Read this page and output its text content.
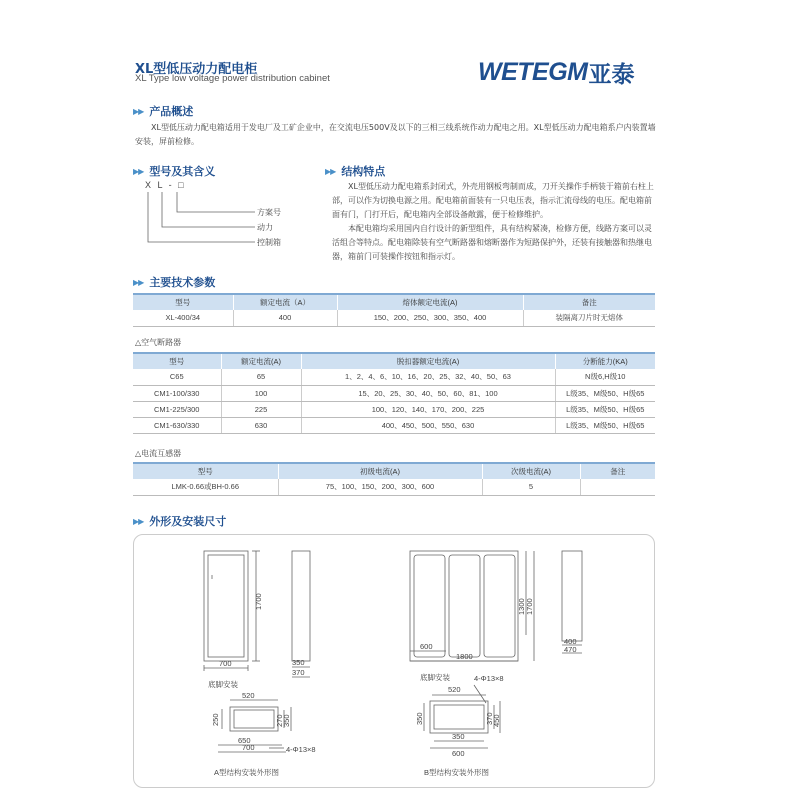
XL型低压动力配电柜
XL Type low voltage power distribution cabinet	WETEGM 亚泰
▶▶ 产品概述

XL型低压动力配电箱适用于发电厂及工矿企业中，在交流电压500V及以下的三相三线系统作动力配电之用。XL型低压动力配电箱系户内装置墙安装，屏前检修。

▶▶ 型号及其含义
X L - □
方案号
动力
控制箱
▶▶ 结构特点

XL型低压动力配电箱系封闭式，外壳用钢板弯制而成，刀开关操作手柄装于箱前右柱上部，可以作为切换电源之用。配电箱前面装有一只电压表，指示汇流母线的电压。配电箱前面有门，门打开后，配电箱内全部设备敞露，便于检修维护。

本配电箱均采用国内自行设计的新型组件，具有结构紧凑，检修方便，线路方案可以灵活组合等特点。配电箱除装有空气断路器和熔断器作为短路保护外，还装有接触器和热继电器，箱前门可装操作按钮和指示灯。

▶▶ 主要技术参数
型号	额定电流（A）	熔体额定电流(A)	备注
XL-400/34	400	150、200、250、300、350、400	装隔离刀片时无熔体
△空气断路器
型号	额定电流(A)	脱扣器额定电流(A)	分断能力(KA)
C65	65	1、2、4、6、10、16、20、25、32、40、50、63	N级6,H级10
CM1-100/330	100	15、20、25、30、40、50、60、81、100	L级35、M级50、H级65
CM1-225/300	225	100、120、140、170、200、225	L级35、M级50、H级65
CM1-630/330	630	400、450、500、550、630	L级35、M级50、H级65
△电流互感器
型号	初级电流(A)	次级电流(A)	备注
LMK-0.66或BH-0.66	75、100、150、200、300、600	5	
▶▶ 外形及安装尺寸
700
1700
350
370
底脚安装
520
650
700
250	270
350
4-Φ13×8
A型结构安装外形图
600
1800
1300 1700
400
470
底脚安装
520
4-Φ13×8
350
600
350	370
450
B型结构安装外形图
